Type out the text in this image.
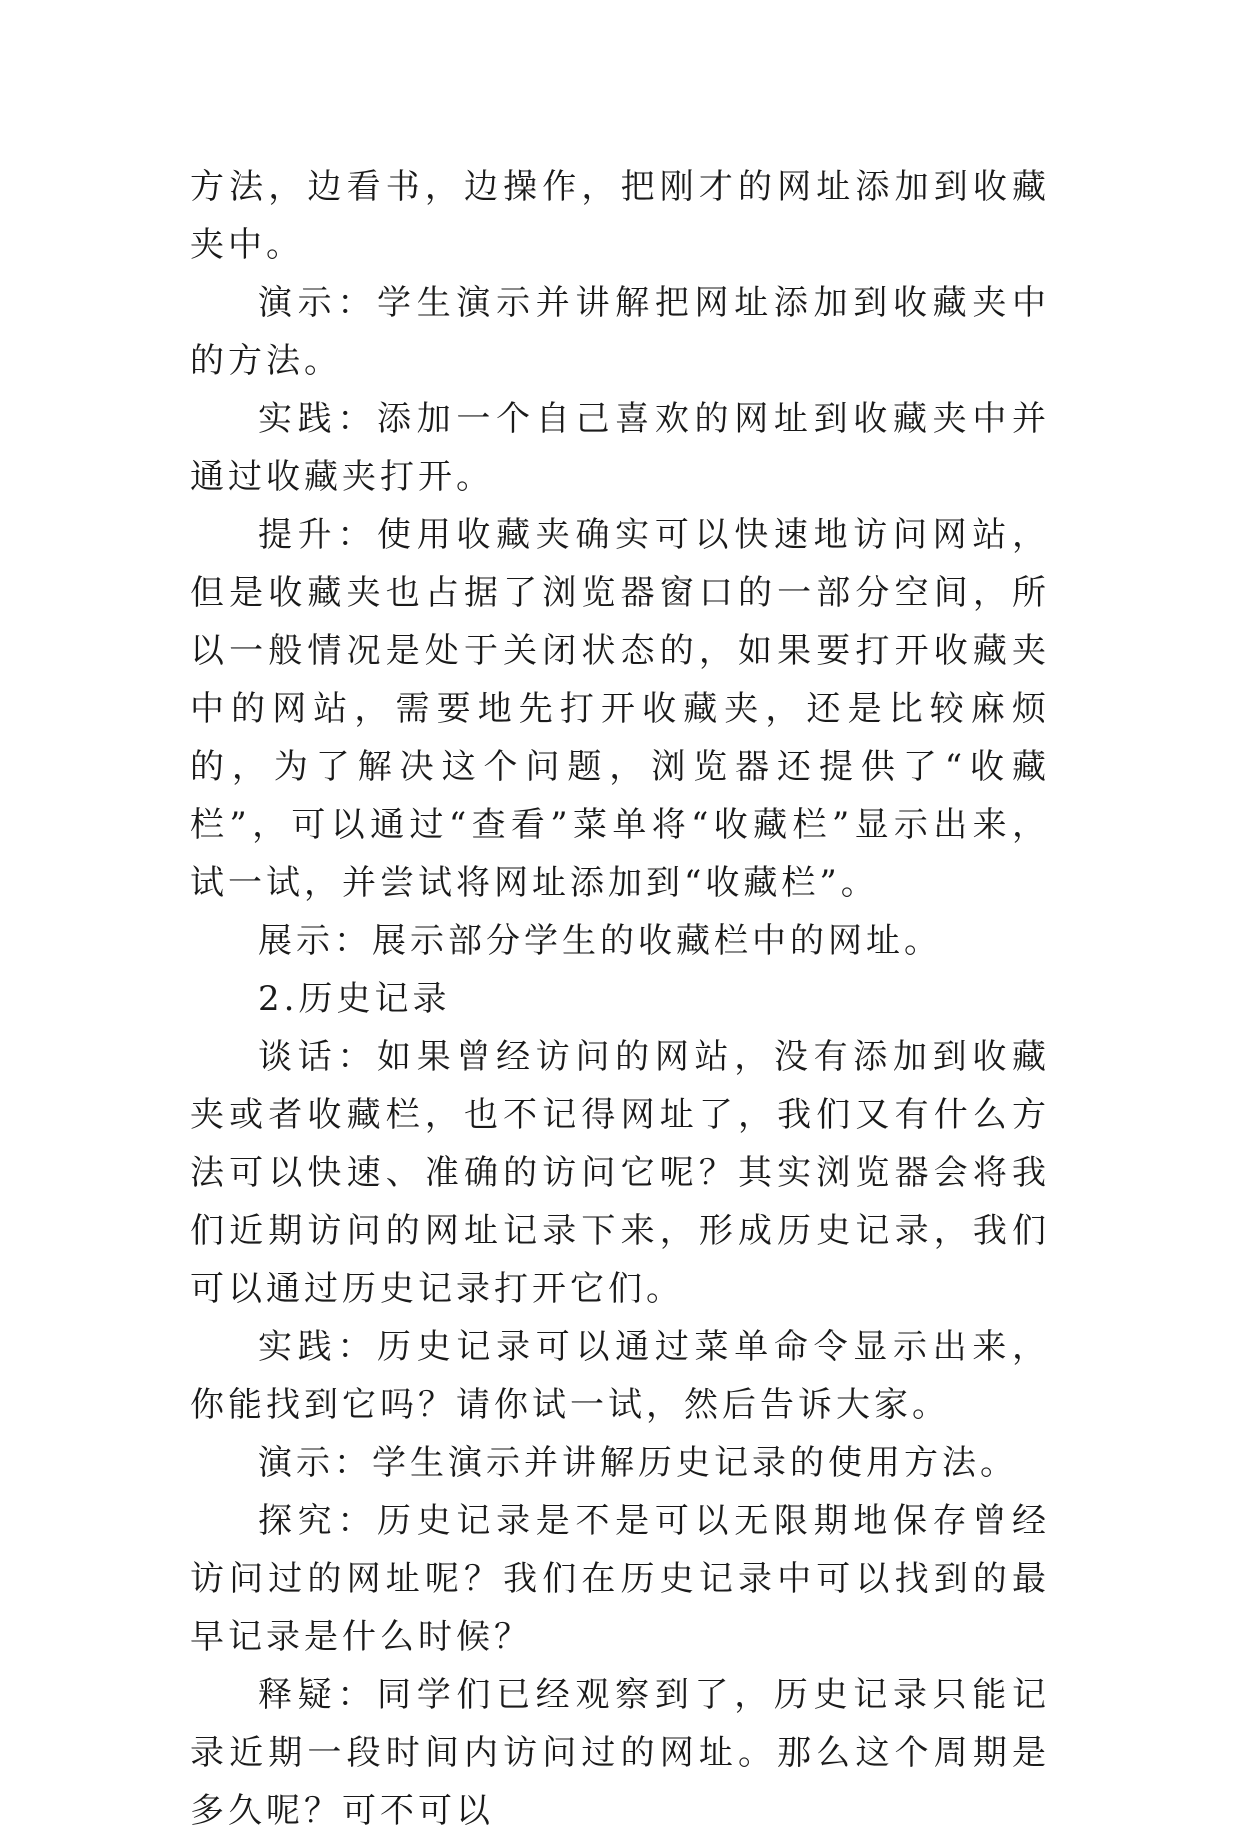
方法，边看书，边操作，把刚才的网址添加到收藏夹中。

演示：学生演示并讲解把网址添加到收藏夹中的方法。

实践：添加一个自己喜欢的网址到收藏夹中并通过收藏夹打开。

提升：使用收藏夹确实可以快速地访问网站，但是收藏夹也占据了浏览器窗口的一部分空间，所以一般情况是处于关闭状态的，如果要打开收藏夹中的网站，需要地先打开收藏夹，还是比较麻烦的，为了解决这个问题，浏览器还提供了“收藏栏”，可以通过“查看”菜单将“收藏栏”显示出来，试一试，并尝试将网址添加到“收藏栏”。

展示：展示部分学生的收藏栏中的网址。

2.历史记录

谈话：如果曾经访问的网站，没有添加到收藏夹或者收藏栏，也不记得网址了，我们又有什么方法可以快速、准确的访问它呢？其实浏览器会将我们近期访问的网址记录下来，形成历史记录，我们可以通过历史记录打开它们。

实践：历史记录可以通过菜单命令显示出来，你能找到它吗？请你试一试，然后告诉大家。

演示：学生演示并讲解历史记录的使用方法。

探究：历史记录是不是可以无限期地保存曾经访问过的网址呢？我们在历史记录中可以找到的最早记录是什么时候？

释疑：同学们已经观察到了，历史记录只能记录近期一段时间内访问过的网址。那么这个周期是多久呢？可不可以
